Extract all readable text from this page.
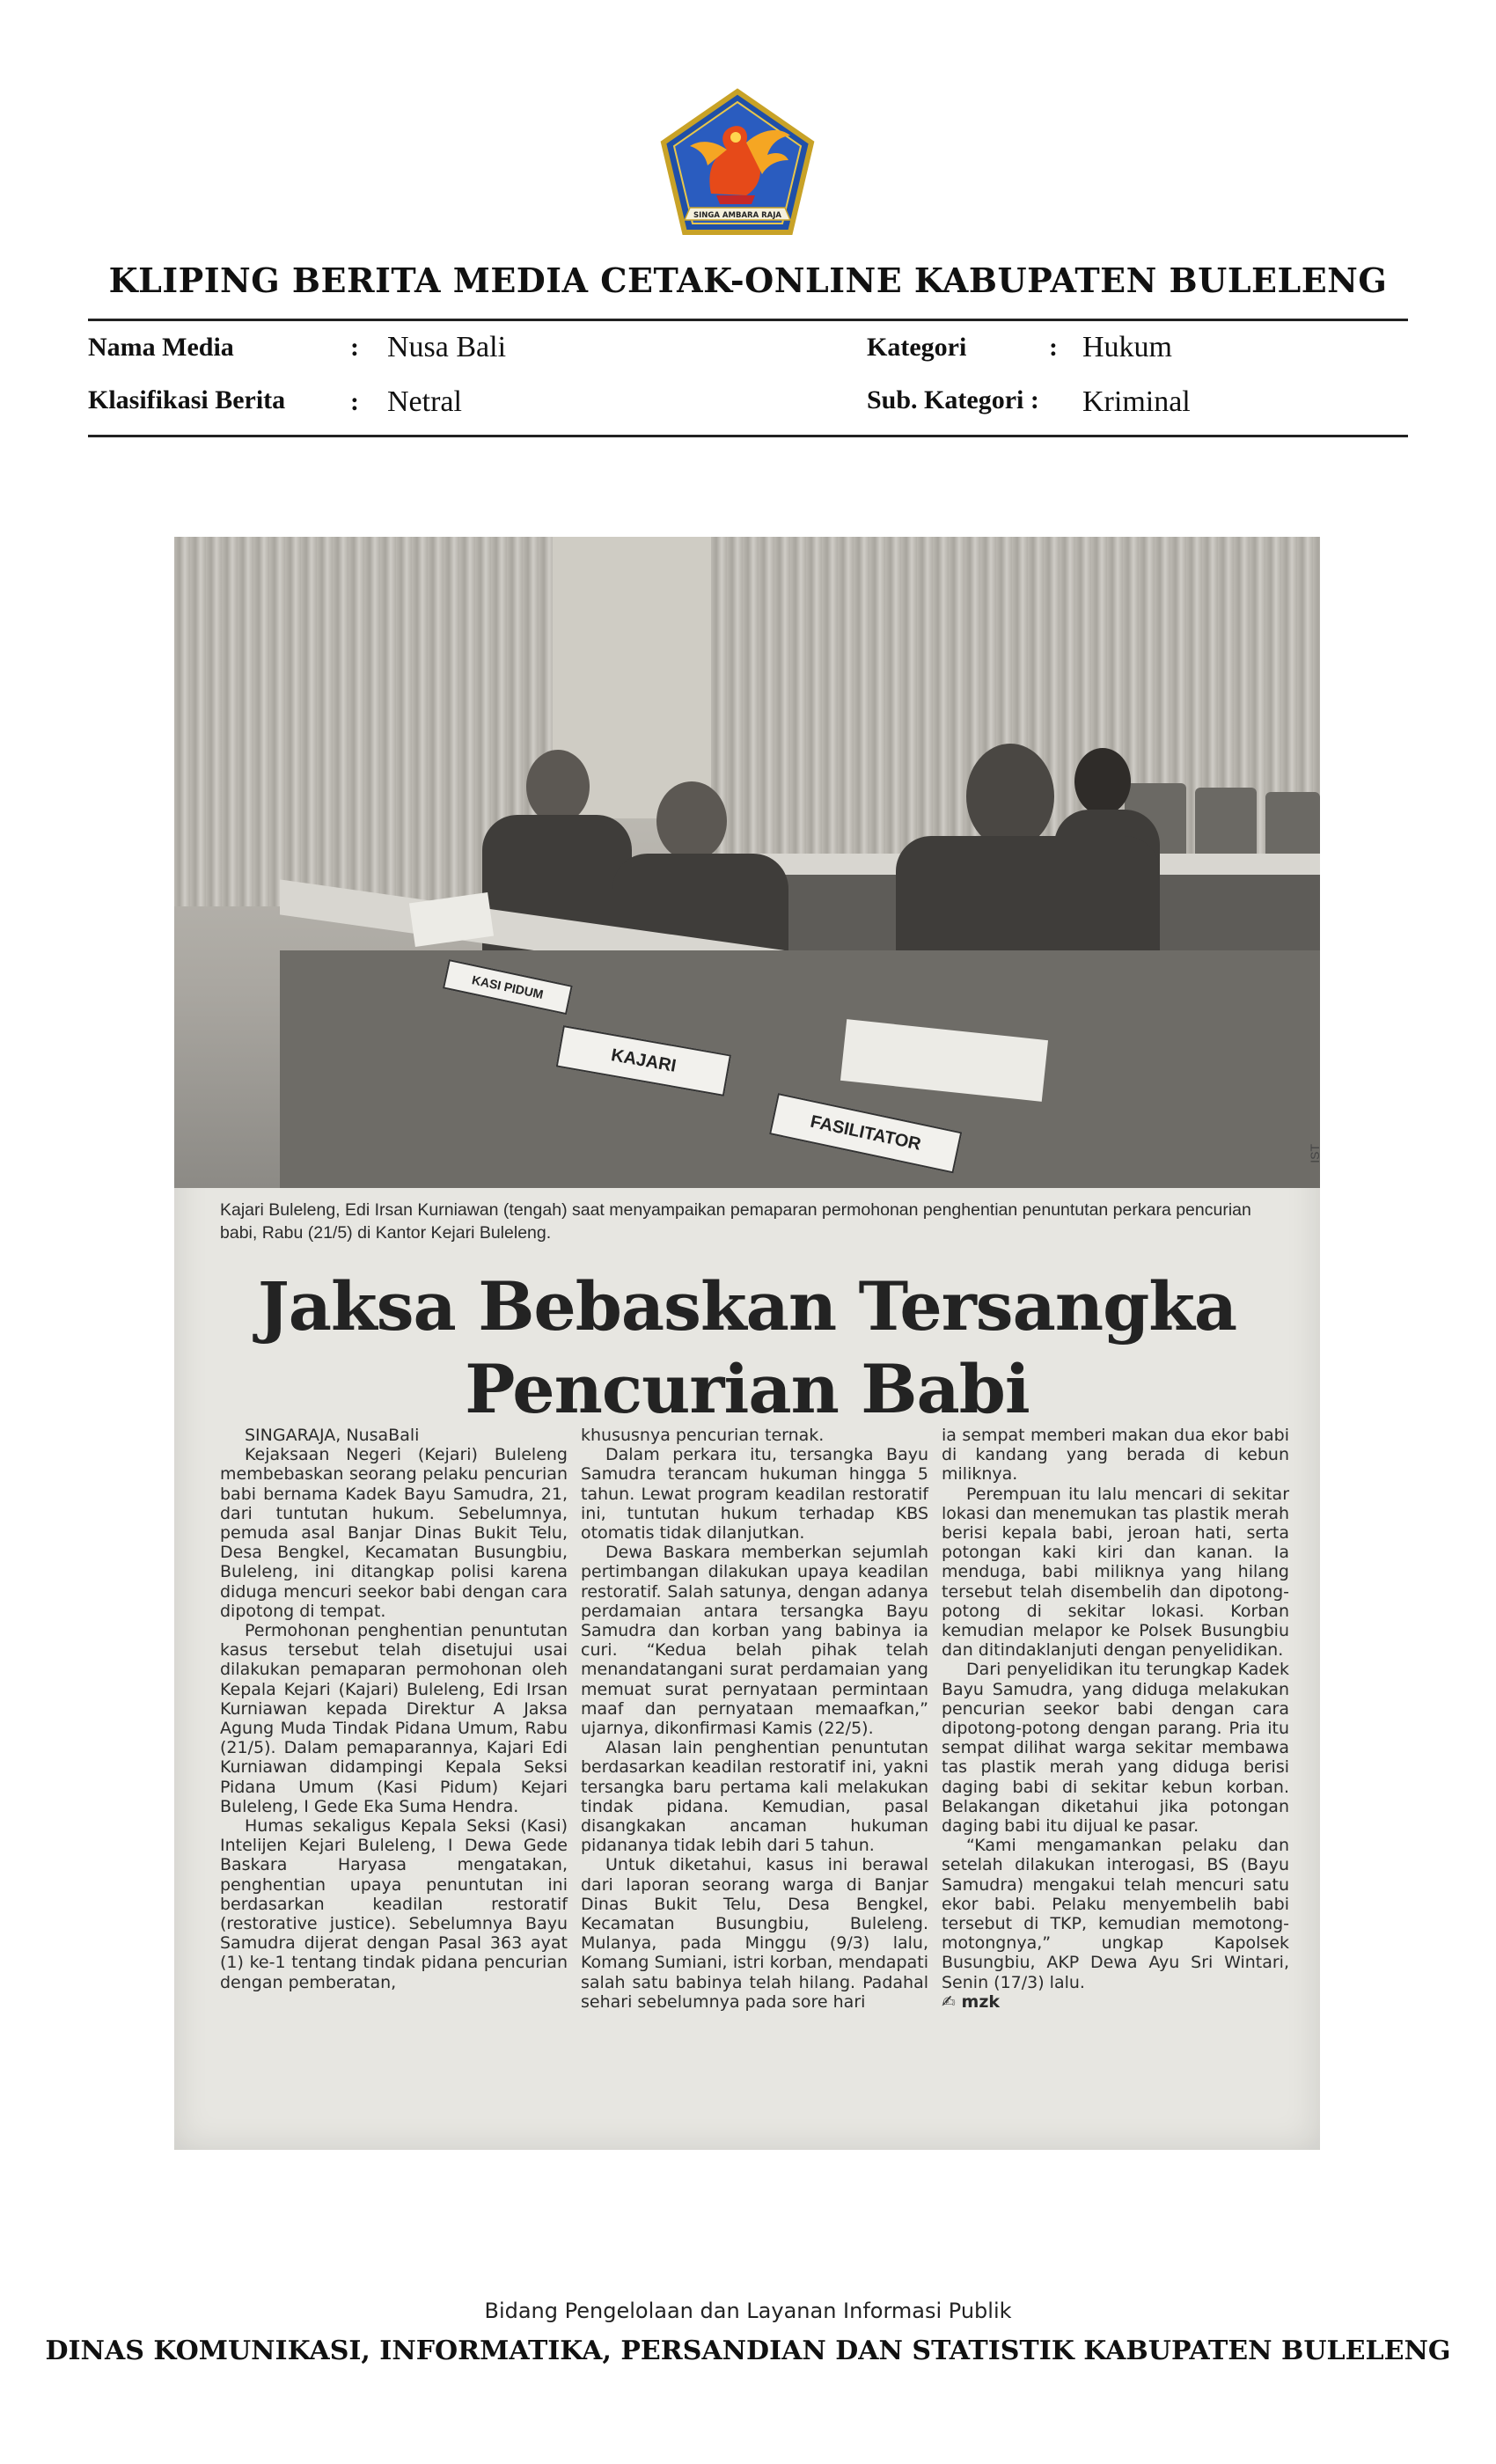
SINGA AMBARA RAJA
KLIPING BERITA MEDIA CETAK-ONLINE KABUPATEN BULELENG
Nama Media	: Nusa Bali	Kategori	: Hukum
Klasifikasi Berita : Netral	Sub. Kategori : Kriminal
KASI PIDUM
KAJARI
FASILITATOR	IST
Kajari Buleleng, Edi Irsan Kurniawan (tengah) saat menyampaikan pemaparan permohonan penghentian penuntutan perkara pencurian babi, Rabu (21/5) di Kantor Kejari Buleleng.
Jaksa Bebaskan Tersangka
Pencurian Babi

SINGARAJA, NusaBali

Kejaksaan Negeri (Kejari) Buleleng membebaskan seorang pelaku pencurian babi bernama Kadek Bayu Samudra, 21, dari tuntutan hukum. Sebelumnya, pemuda asal Banjar Dinas Bukit Telu, Desa Bengkel, Kecamatan Busungbiu, Buleleng, ini ditangkap polisi karena diduga mencuri seekor babi dengan cara dipotong di tempat.

Permohonan penghentian penuntutan kasus tersebut telah disetujui usai dilakukan pemaparan permohonan oleh Kepala Kejari (Kajari) Buleleng, Edi Irsan Kurniawan kepada Direktur A Jaksa Agung Muda Tindak Pidana Umum, Rabu (21/5). Dalam pemaparannya, Kajari Edi Kurniawan didampingi Kepala Seksi Pidana Umum (Kasi Pidum) Kejari Buleleng, I Gede Eka Suma Hendra.

Humas sekaligus Kepala Seksi (Kasi) Intelijen Kejari Buleleng, I Dewa Gede Baskara Haryasa mengatakan, penghentian upaya penuntutan ini berdasarkan keadilan restoratif (restorative justice). Sebelumnya Bayu Samudra dijerat dengan Pasal 363 ayat (1) ke-1 tentang tindak pidana pencurian dengan pemberatan,

khususnya pencurian ternak.

Dalam perkara itu, tersangka Bayu Samudra terancam hukuman hingga 5 tahun. Lewat program keadilan restoratif ini, tuntutan hukum terhadap KBS otomatis tidak dilanjutkan.

Dewa Baskara memberkan sejumlah pertimbangan dilakukan upaya keadilan restoratif. Salah satunya, dengan adanya perdamaian antara tersangka Bayu Samudra dan korban yang babinya ia curi. “Kedua belah pihak telah menandatangani surat perdamaian yang memuat surat pernyataan permintaan maaf dan pernyataan memaafkan,” ujarnya, dikonfirmasi Kamis (22/5).

Alasan lain penghentian penuntutan berdasarkan keadilan restoratif ini, yakni tersangka baru pertama kali melakukan tindak pidana. Kemudian, pasal disangkakan ancaman hukuman pidananya tidak lebih dari 5 tahun.

Untuk diketahui, kasus ini berawal dari laporan seorang warga di Banjar Dinas Bukit Telu, Desa Bengkel, Kecamatan Busungbiu, Buleleng. Mulanya, pada Minggu (9/3) lalu, Komang Sumiani, istri korban, mendapati salah satu babinya telah hilang. Padahal sehari sebelumnya pada sore hari

ia sempat memberi makan dua ekor babi di kandang yang berada di kebun miliknya.

Perempuan itu lalu mencari di sekitar lokasi dan menemukan tas plastik merah berisi kepala babi, jeroan hati, serta potongan kaki kiri dan kanan. Ia menduga, babi miliknya yang hilang tersebut telah disembelih dan dipotong-potong di sekitar lokasi. Korban kemudian melapor ke Polsek Busungbiu dan ditindaklanjuti dengan penyelidikan.

Dari penyelidikan itu terungkap Kadek Bayu Samudra, yang diduga melakukan pencurian seekor babi dengan cara dipotong-potong dengan parang. Pria itu sempat dilihat warga sekitar membawa tas plastik merah yang diduga berisi daging babi di sekitar kebun korban. Belakangan diketahui jika potongan daging babi itu dijual ke pasar.

“Kami mengamankan pelaku dan setelah dilakukan interogasi, BS (Bayu Samudra) mengakui telah mencuri satu ekor babi. Pelaku menyembelih babi tersebut di TKP, kemudian memotong-motongnya,” ungkap Kapolsek Busungbiu, AKP Dewa Ayu Sri Wintari, Senin (17/3) lalu.

✍ mzk

Bidang Pengelolaan dan Layanan Informasi Publik
DINAS KOMUNIKASI, INFORMATIKA, PERSANDIAN DAN STATISTIK KABUPATEN BULELENG
